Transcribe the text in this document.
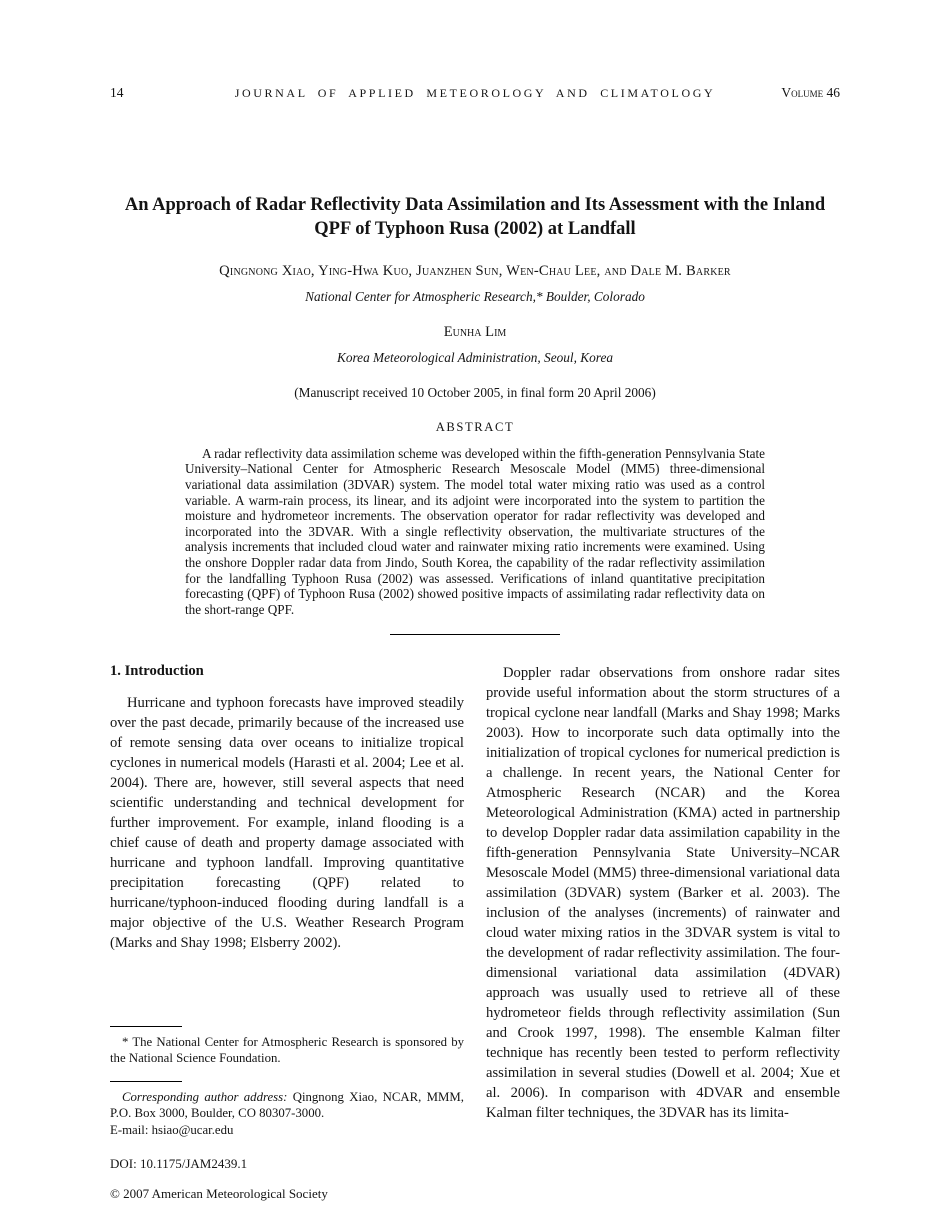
14	JOURNAL OF APPLIED METEOROLOGY AND CLIMATOLOGY	Volume 46
An Approach of Radar Reflectivity Data Assimilation and Its Assessment with the Inland QPF of Typhoon Rusa (2002) at Landfall
Qingnong Xiao, Ying-Hwa Kuo, Juanzhen Sun, Wen-Chau Lee, and Dale M. Barker
National Center for Atmospheric Research,* Boulder, Colorado
Eunha Lim
Korea Meteorological Administration, Seoul, Korea
(Manuscript received 10 October 2005, in final form 20 April 2006)
ABSTRACT

A radar reflectivity data assimilation scheme was developed within the fifth-generation Pennsylvania State University–National Center for Atmospheric Research Mesoscale Model (MM5) three-dimensional variational data assimilation (3DVAR) system. The model total water mixing ratio was used as a control variable. A warm-rain process, its linear, and its adjoint were incorporated into the system to partition the moisture and hydrometeor increments. The observation operator for radar reflectivity was developed and incorporated into the 3DVAR. With a single reflectivity observation, the multivariate structures of the analysis increments that included cloud water and rainwater mixing ratio increments were examined. Using the onshore Doppler radar data from Jindo, South Korea, the capability of the radar reflectivity assimilation for the landfalling Typhoon Rusa (2002) was assessed. Verifications of inland quantitative precipitation forecasting (QPF) of Typhoon Rusa (2002) showed positive impacts of assimilating radar reflectivity data on the short-range QPF.

1. Introduction

Hurricane and typhoon forecasts have improved steadily over the past decade, primarily because of the increased use of remote sensing data over oceans to initialize tropical cyclones in numerical models (Harasti et al. 2004; Lee et al. 2004). There are, however, still several aspects that need scientific understanding and technical development for further improvement. For example, inland flooding is a chief cause of death and property damage associated with hurricane and typhoon landfall. Improving quantitative precipitation forecasting (QPF) related to hurricane/typhoon-induced flooding during landfall is a major objective of the U.S. Weather Research Program (Marks and Shay 1998; Elsberry 2002).

* The National Center for Atmospheric Research is sponsored by the National Science Foundation.

Corresponding author address: Qingnong Xiao, NCAR, MMM, P.O. Box 3000, Boulder, CO 80307-3000.

E-mail: hsiao@ucar.edu

Doppler radar observations from onshore radar sites provide useful information about the storm structures of a tropical cyclone near landfall (Marks and Shay 1998; Marks 2003). How to incorporate such data optimally into the initialization of tropical cyclones for numerical prediction is a challenge. In recent years, the National Center for Atmospheric Research (NCAR) and the Korea Meteorological Administration (KMA) acted in partnership to develop Doppler radar data assimilation capability in the fifth-generation Pennsylvania State University–NCAR Mesoscale Model (MM5) three-dimensional variational data assimilation (3DVAR) system (Barker et al. 2003). The inclusion of the analyses (increments) of rainwater and cloud water mixing ratios in the 3DVAR system is vital to the development of radar reflectivity assimilation. The four-dimensional variational data assimilation (4DVAR) approach was usually used to retrieve all of these hydrometeor fields through reflectivity assimilation (Sun and Crook 1997, 1998). The ensemble Kalman filter technique has recently been tested to perform reflectivity assimilation in several studies (Dowell et al. 2004; Xue et al. 2006). In comparison with 4DVAR and ensemble Kalman filter techniques, the 3DVAR has its limita-

DOI: 10.1175/JAM2439.1
© 2007 American Meteorological Society
